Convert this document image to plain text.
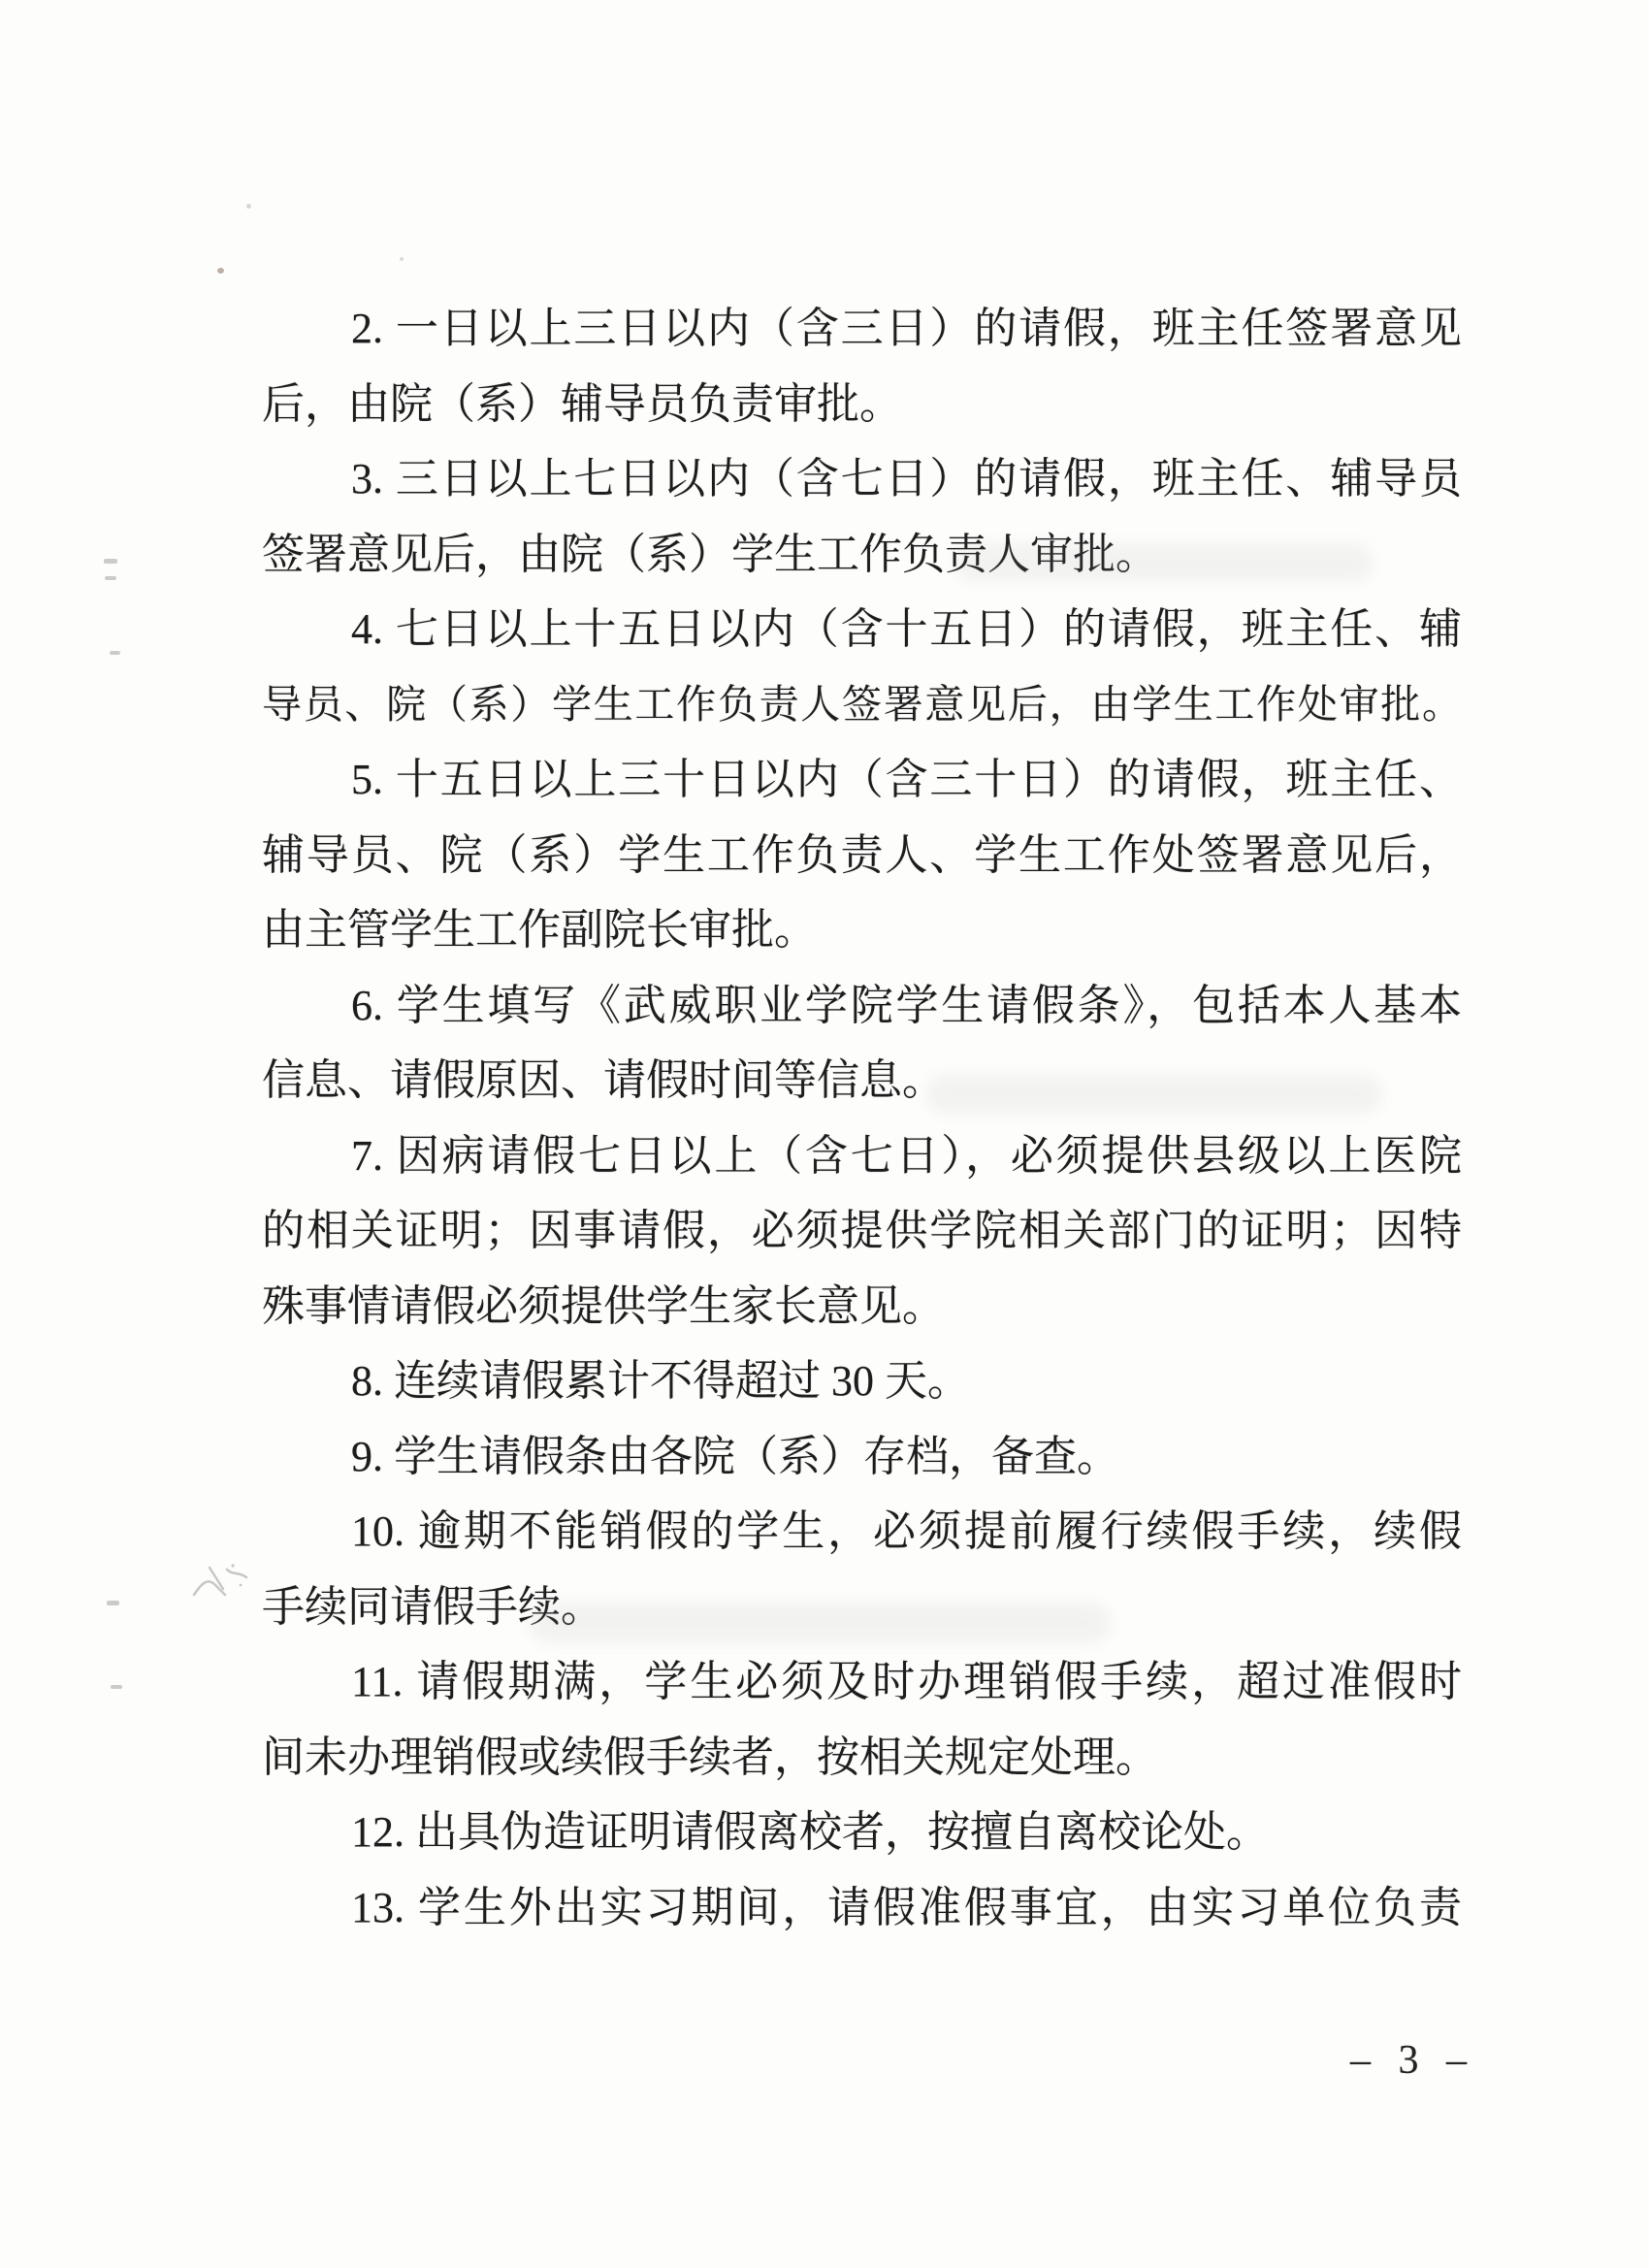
2. 一日以上三日以内（含三日）的请假，班主任签署意见

后，由院（系）辅导员负责审批。

3. 三日以上七日以内（含七日）的请假，班主任、辅导员

签署意见后，由院（系）学生工作负责人审批。

4. 七日以上十五日以内（含十五日）的请假，班主任、辅

导员、院（系）学生工作负责人签署意见后，由学生工作处审批。

5. 十五日以上三十日以内（含三十日）的请假，班主任、

辅导员、院（系）学生工作负责人、学生工作处签署意见后，

由主管学生工作副院长审批。

6. 学生填写《武威职业学院学生请假条》，包括本人基本

信息、请假原因、请假时间等信息。

7. 因病请假七日以上（含七日），必须提供县级以上医院

的相关证明；因事请假，必须提供学院相关部门的证明；因特

殊事情请假必须提供学生家长意见。

8. 连续请假累计不得超过 30 天。

9. 学生请假条由各院（系）存档，备查。

10. 逾期不能销假的学生，必须提前履行续假手续，续假

手续同请假手续。

11. 请假期满，学生必须及时办理销假手续，超过准假时

间未办理销假或续假手续者，按相关规定处理。

12. 出具伪造证明请假离校者，按擅自离校论处。

13. 学生外出实习期间，请假准假事宜，由实习单位负责

– 3 –
